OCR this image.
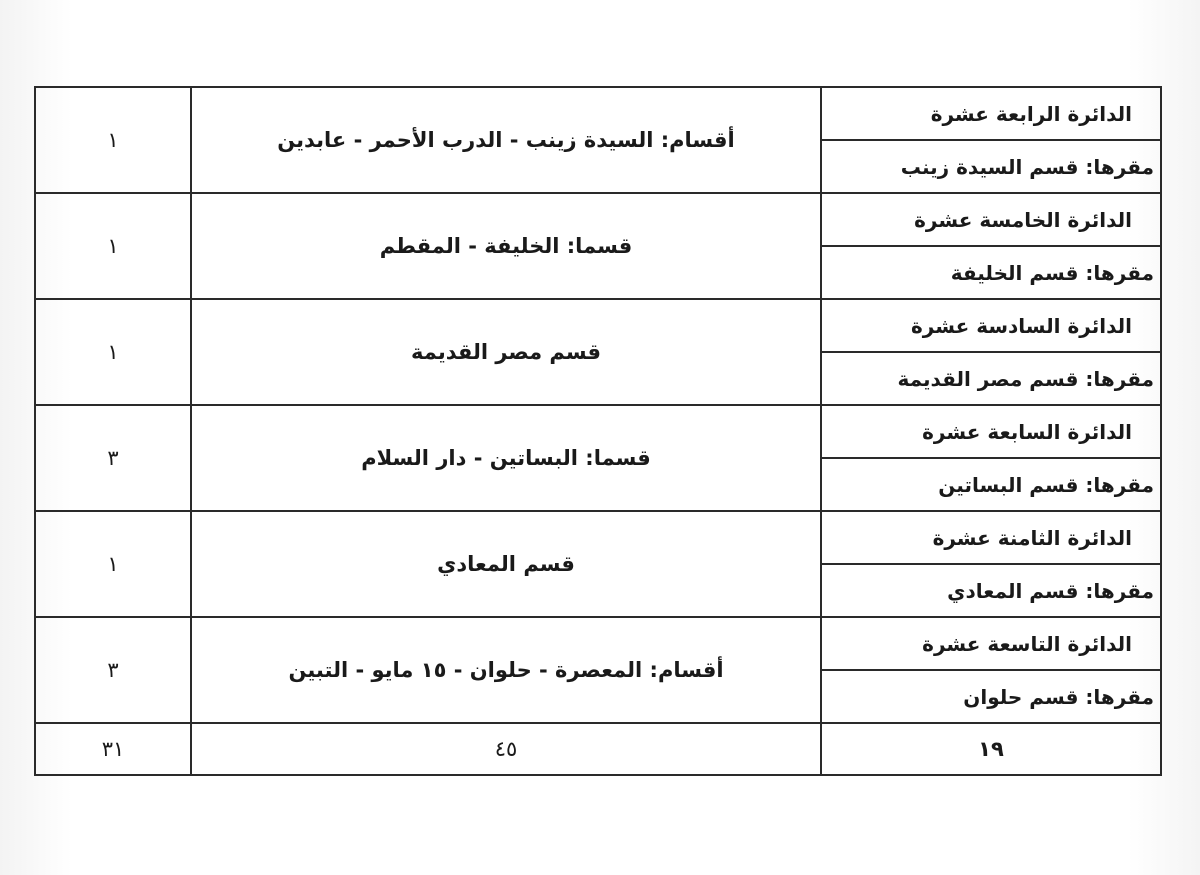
الدائرة الرابعة عشرة	أقسام: السيدة زينب - الدرب الأحمر - عابدين	١
مقرها: قسم السيدة زينب		
الدائرة الخامسة عشرة	قسما: الخليفة - المقطم	١
مقرها: قسم الخليفة		
الدائرة السادسة عشرة	قسم مصر القديمة	١
مقرها: قسم مصر القديمة		
الدائرة السابعة عشرة	قسما: البساتين - دار السلام	٣
مقرها: قسم البساتين		
الدائرة الثامنة عشرة	قسم المعادي	١
مقرها: قسم المعادي		
الدائرة التاسعة عشرة	أقسام: المعصرة - حلوان - ١٥ مايو - التبين	٣
مقرها: قسم حلوان		
١٩	٤٥	٣١
